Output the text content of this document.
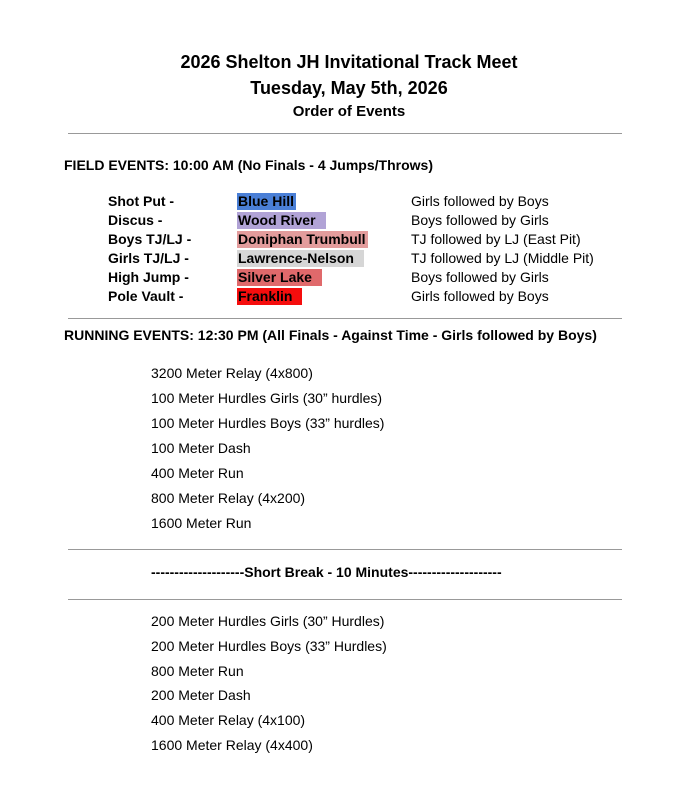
2026 Shelton JH Invitational Track Meet
Tuesday, May 5th, 2026
Order of Events
FIELD EVENTS: 10:00 AM (No Finals - 4 Jumps/Throws)
Shot Put -	Blue Hill	Girls followed by Boys
Discus -	Wood River	Boys followed by Girls
Boys TJ/LJ -	Doniphan Trumbull	TJ followed by LJ (East Pit)
Girls TJ/LJ -	Lawrence-Nelson	TJ followed by LJ (Middle Pit)
High Jump -	Silver Lake	Boys followed by Girls
Pole Vault -	Franklin	Girls followed by Boys
RUNNING EVENTS: 12:30 PM (All Finals - Against Time - Girls followed by Boys)
3200 Meter Relay (4x800)
100 Meter Hurdles Girls (30” hurdles)
100 Meter Hurdles Boys (33” hurdles)
100 Meter Dash
400 Meter Run
800 Meter Relay (4x200)
1600 Meter Run
--------------------Short Break - 10 Minutes--------------------
200 Meter Hurdles Girls (30” Hurdles)
200 Meter Hurdles Boys (33” Hurdles)
800 Meter Run
200 Meter Dash
400 Meter Relay (4x100)
1600 Meter Relay (4x400)
